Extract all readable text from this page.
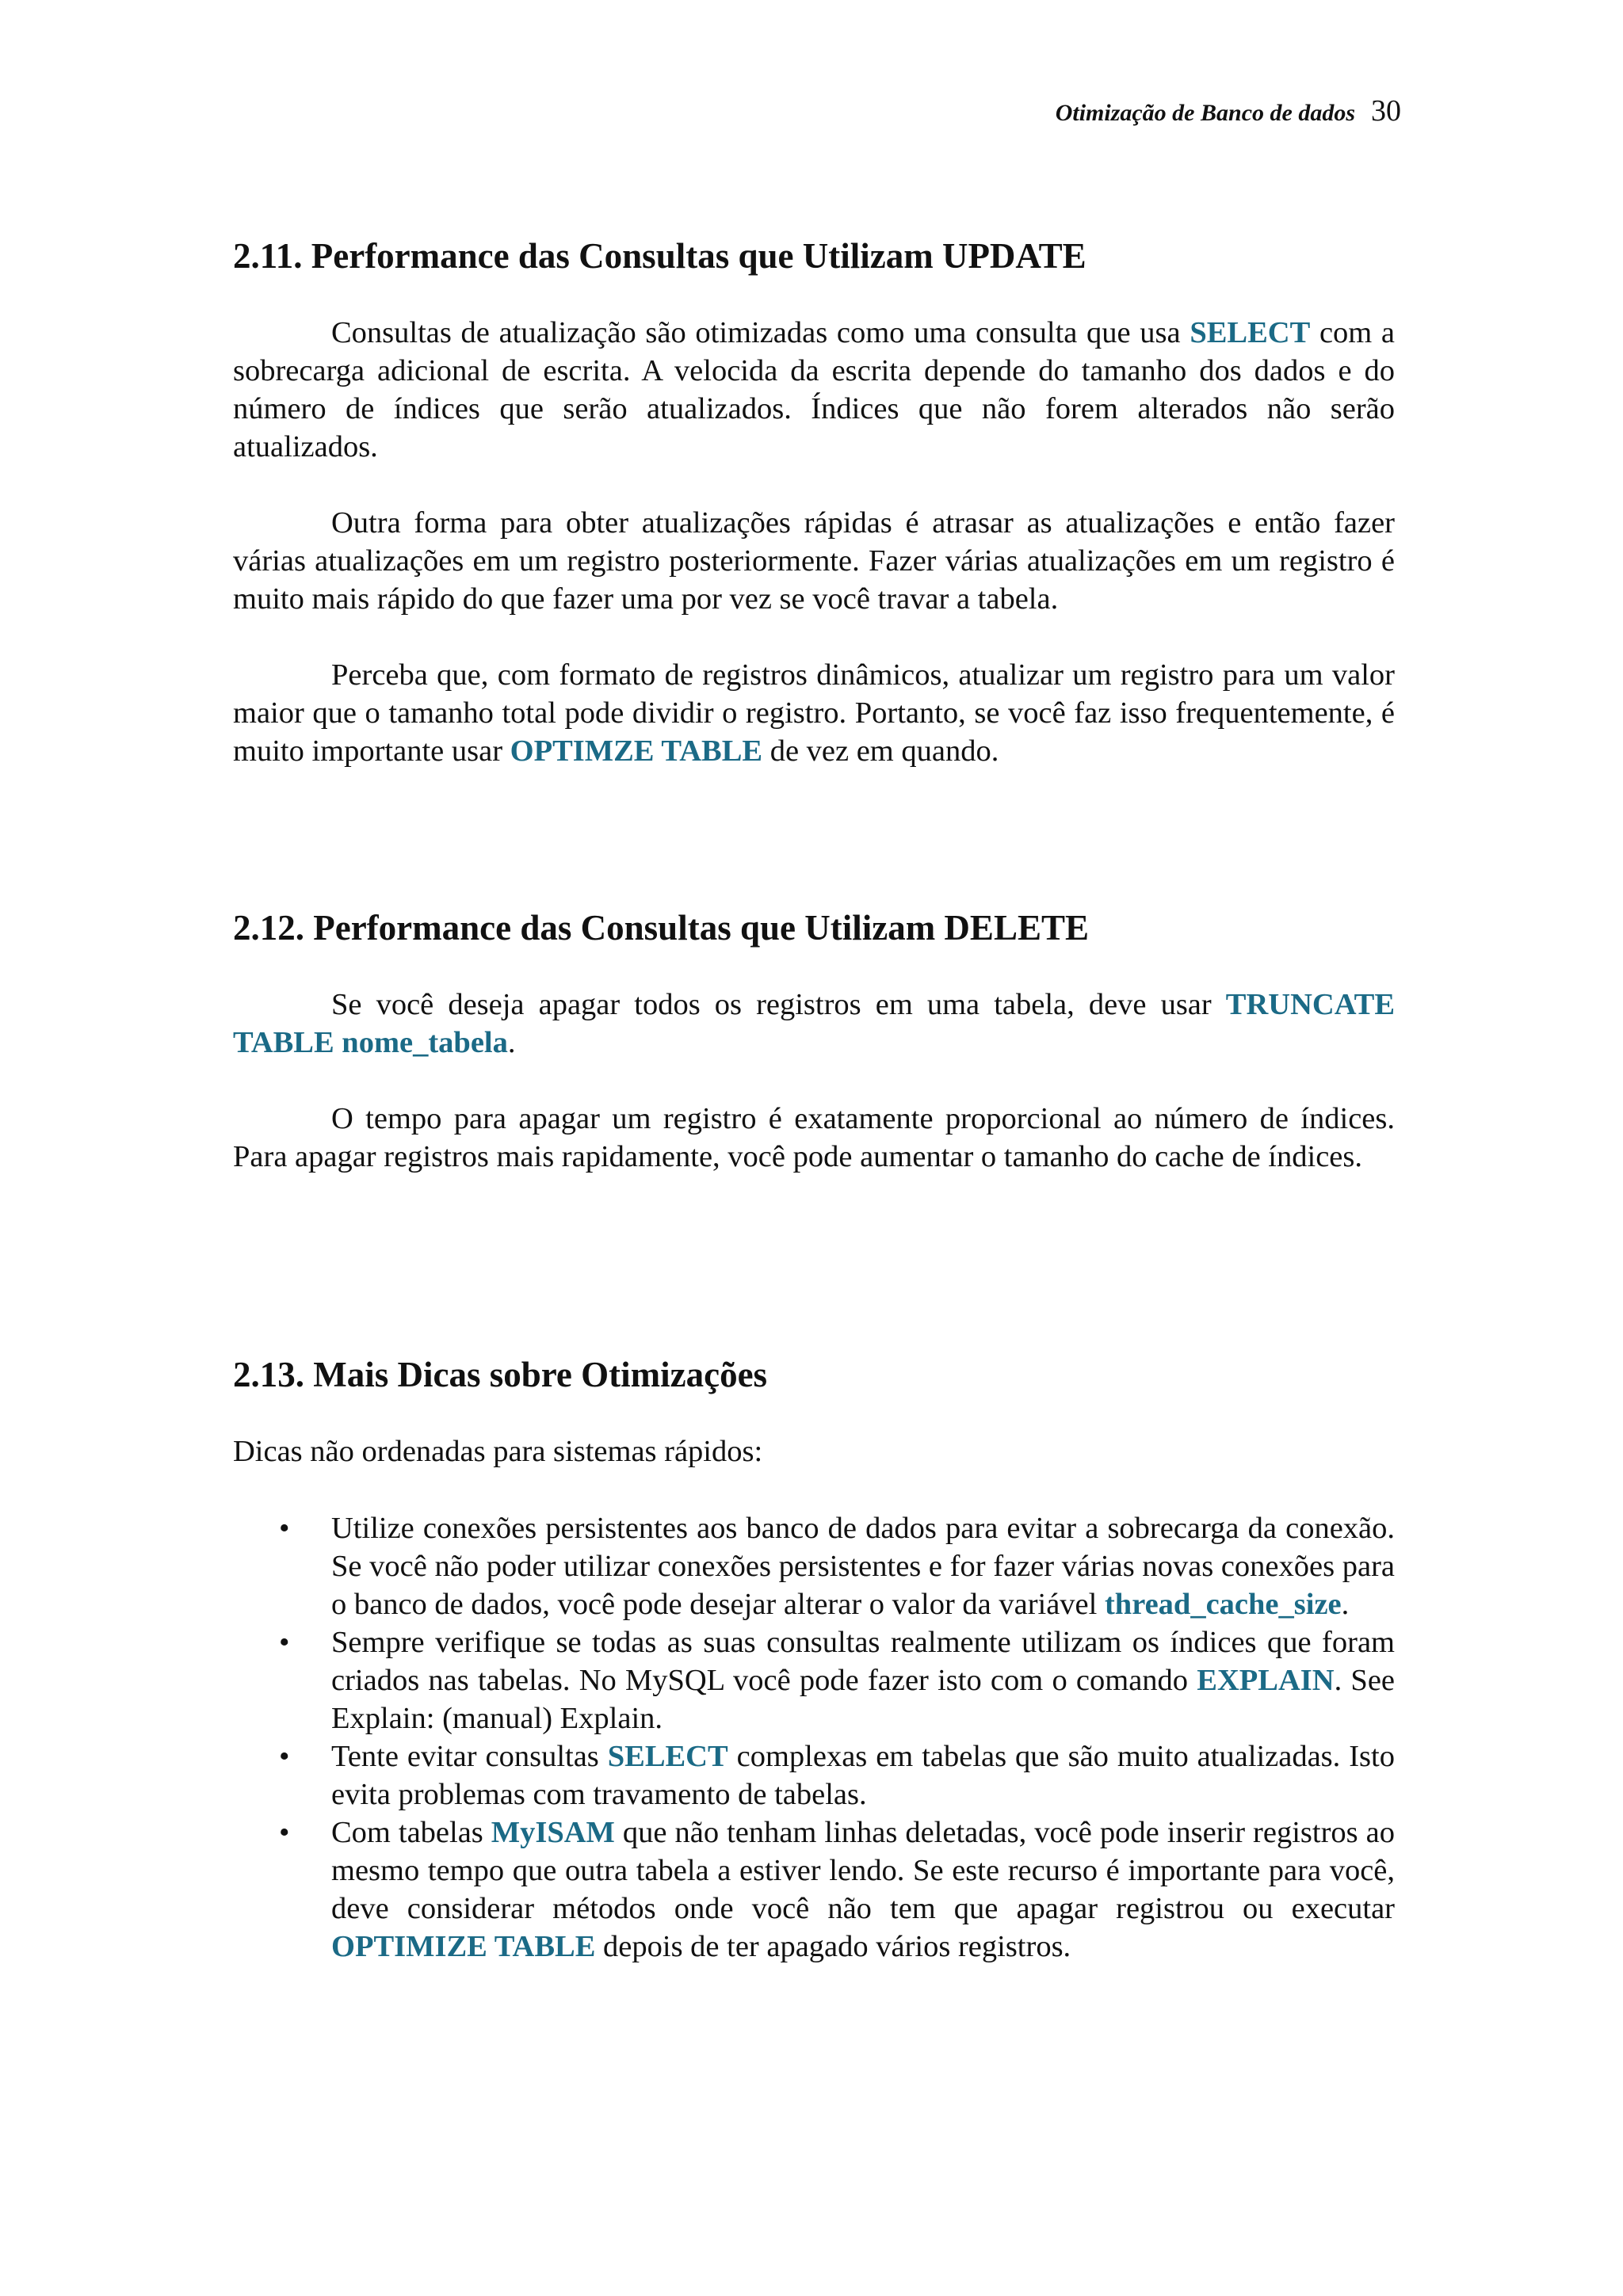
Otimização de Banco de dados 30
2.11. Performance das Consultas que Utilizam UPDATE

Consultas de atualização são otimizadas como uma consulta que usa SELECT com a sobrecarga adicional de escrita. A velocida da escrita depende do tamanho dos dados e do número de índices que serão atualizados. Índices que não forem alterados não serão atualizados.

Outra forma para obter atualizações rápidas é atrasar as atualizações e então fazer várias atualizações em um registro posteriormente. Fazer várias atualizações em um registro é muito mais rápido do que fazer uma por vez se você travar a tabela.

Perceba que, com formato de registros dinâmicos, atualizar um registro para um valor maior que o tamanho total pode dividir o registro. Portanto, se você faz isso frequentemente, é muito importante usar OPTIMZE TABLE de vez em quando.

2.12. Performance das Consultas que Utilizam DELETE

Se você deseja apagar todos os registros em uma tabela, deve usar TRUNCATE TABLE nome_tabela.

O tempo para apagar um registro é exatamente proporcional ao número de índices. Para apagar registros mais rapidamente, você pode aumentar o tamanho do cache de índices.

2.13. Mais Dicas sobre Otimizações

Dicas não ordenadas para sistemas rápidos:

• Utilize conexões persistentes aos banco de dados para evitar a sobrecarga da conexão. Se você não poder utilizar conexões persistentes e for fazer várias novas conexões para o banco de dados, você pode desejar alterar o valor da variável thread_cache_size.
• Sempre verifique se todas as suas consultas realmente utilizam os índices que foram criados nas tabelas. No MySQL você pode fazer isto com o comando EXPLAIN. See Explain: (manual) Explain.
• Tente evitar consultas SELECT complexas em tabelas que são muito atualizadas. Isto evita problemas com travamento de tabelas.
• Com tabelas MyISAM que não tenham linhas deletadas, você pode inserir registros ao mesmo tempo que outra tabela a estiver lendo. Se este recurso é importante para você, deve considerar métodos onde você não tem que apagar registrou ou executar OPTIMIZE TABLE depois de ter apagado vários registros.
